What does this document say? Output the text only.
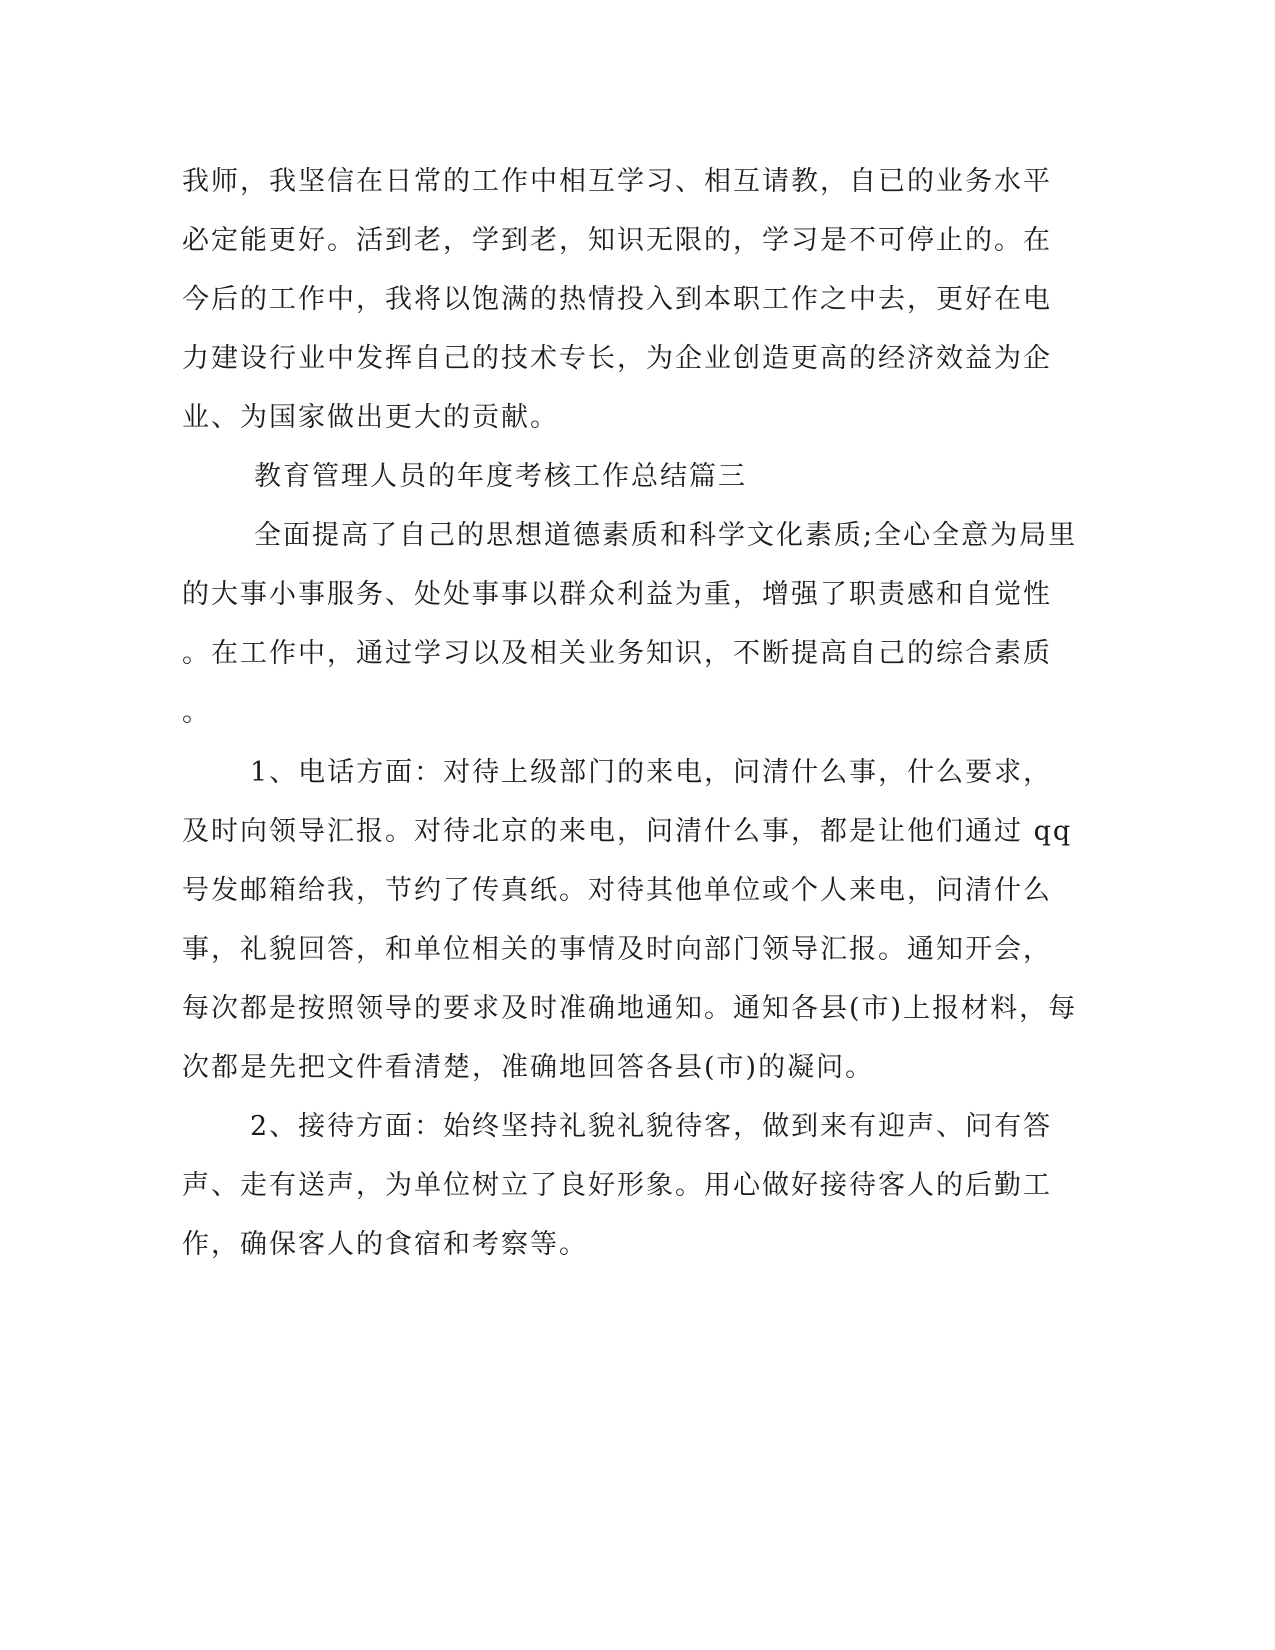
我师，我坚信在日常的工作中相互学习、相互请教，自已的业务水平
必定能更好。活到老，学到老，知识无限的，学习是不可停止的。在
今后的工作中，我将以饱满的热情投入到本职工作之中去，更好在电
力建设行业中发挥自己的技术专长，为企业创造更高的经济效益为企
业、为国家做出更大的贡献。
教育管理人员的年度考核工作总结篇三
全面提高了自己的思想道德素质和科学文化素质;全心全意为局里
的大事小事服务、处处事事以群众利益为重，增强了职责感和自觉性
。在工作中，通过学习以及相关业务知识，不断提高自己的综合素质
。
1、电话方面：对待上级部门的来电，问清什么事，什么要求，
及时向领导汇报。对待北京的来电，问清什么事，都是让他们通过 qq
号发邮箱给我，节约了传真纸。对待其他单位或个人来电，问清什么
事，礼貌回答，和单位相关的事情及时向部门领导汇报。通知开会，
每次都是按照领导的要求及时准确地通知。通知各县(市)上报材料，每
次都是先把文件看清楚，准确地回答各县(市)的凝问。
2、接待方面：始终坚持礼貌礼貌待客，做到来有迎声、问有答
声、走有送声，为单位树立了良好形象。用心做好接待客人的后勤工
作，确保客人的食宿和考察等。
